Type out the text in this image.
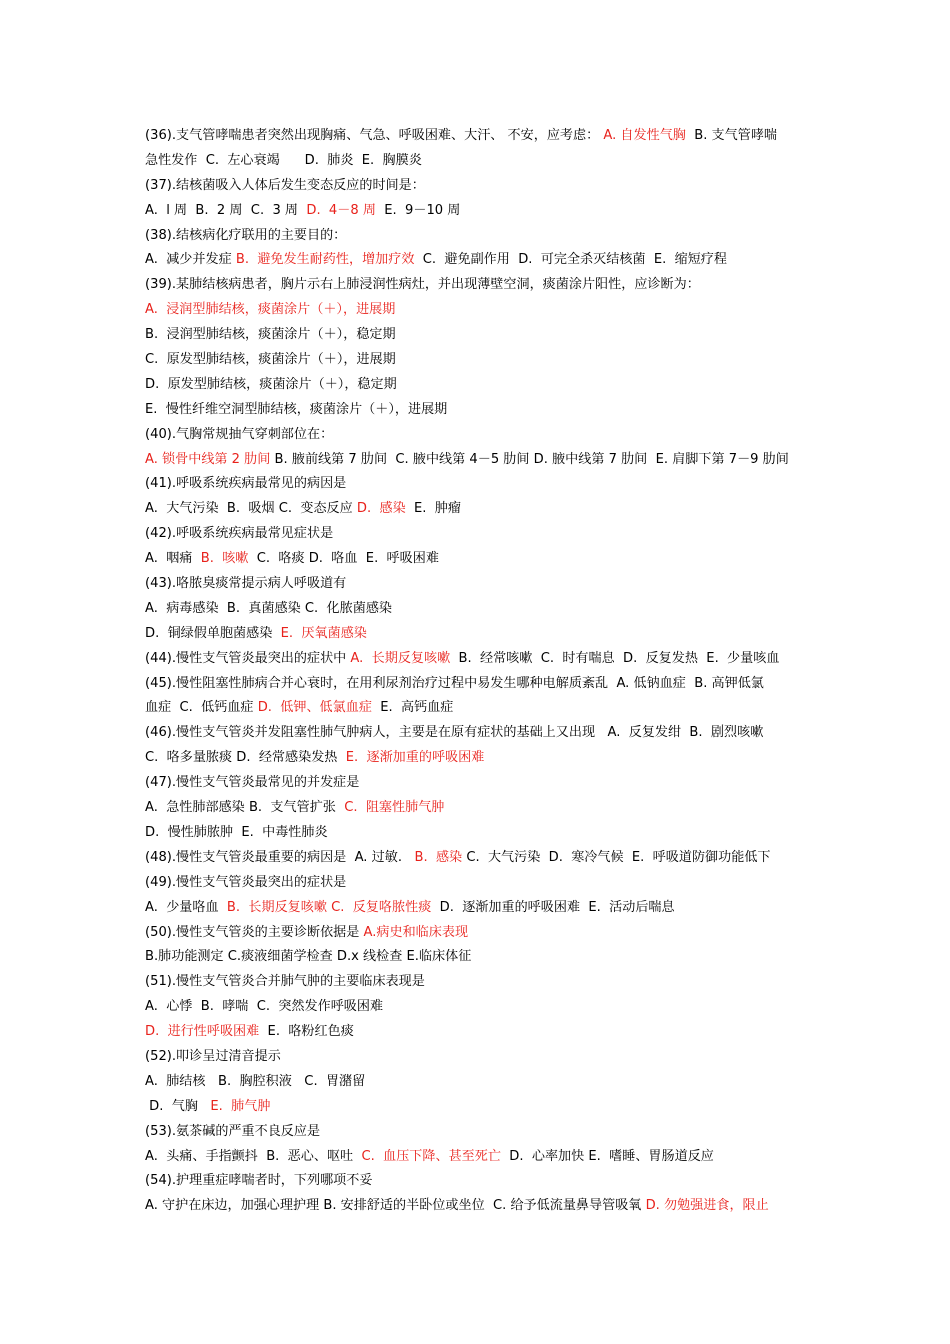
(36).支气管哮喘患者突然出现胸痛、气急、呼吸困难、大汗、 不安，应考虑： A. 自发性气胸  B. 支气管哮喘
急性发作  C.  左心衰竭      D.  肺炎  E.  胸膜炎
(37).结核菌吸入人体后发生变态反应的时间是：
A.  l 周  B.  2 周  C.  3 周  D.  4－8 周  E.  9－10 周
(38).结核病化疗联用的主要目的：
A.  减少并发症 B.  避免发生耐药性，增加疗效  C.  避免副作用  D.  可完全杀灭结核菌  E.  缩短疗程
(39).某肺结核病患者，胸片示右上肺浸润性病灶，并出现薄壁空洞，痰菌涂片阳性，应诊断为：
A.  浸润型肺结核，痰菌涂片（＋），进展期
B.  浸润型肺结核，痰菌涂片（＋），稳定期
C.  原发型肺结核，痰菌涂片（＋），进展期
D.  原发型肺结核，痰菌涂片（＋），稳定期
E.  慢性纤维空洞型肺结核，痰菌涂片（＋），进展期
(40).气胸常规抽气穿刺部位在：
A. 锁骨中线第 2 肋间 B. 腋前线第 7 肋间  C. 腋中线第 4－5 肋间 D. 腋中线第 7 肋间  E. 肩脚下第 7－9 肋间
(41).呼吸系统疾病最常见的病因是
A.  大气污染  B.  吸烟 C.  变态反应 D.  感染  E.  肿瘤
(42).呼吸系统疾病最常见症状是
A.  咽痛  B.  咳嗽  C.  咯痰 D.  咯血  E.  呼吸困难
(43).咯脓臭痰常提示病人呼吸道有
A.  病毒感染  B.  真菌感染 C.  化脓菌感染
D.  铜绿假单胞菌感染  E.  厌氧菌感染
(44).慢性支气管炎最突出的症状中 A.  长期反复咳嗽  B.  经常咳嗽  C.  时有喘息  D.  反复发热  E.  少量咳血
(45).慢性阻塞性肺病合并心衰时，在用利尿剂治疗过程中易发生哪种电解质紊乱  A. 低钠血症  B. 高钾低氯
血症  C.  低钙血症 D.  低钾、低氯血症  E.  高钙血症
(46).慢性支气管炎并发阻塞性肺气肿病人，主要是在原有症状的基础上又出现   A.  反复发绀  B.  剧烈咳嗽
C.  咯多量脓痰 D.  经常感染发热  E.  逐渐加重的呼吸困难
(47).慢性支气管炎最常见的并发症是
A.  急性肺部感染 B.  支气管扩张  C.  阻塞性肺气肿
D.  慢性肺脓肿  E.  中毒性肺炎
(48).慢性支气管炎最重要的病因是  A. 过敏.   B.  感染 C.  大气污染  D.  寒冷气候  E.  呼吸道防御功能低下
(49).慢性支气管炎最突出的症状是
A.  少量咯血  B.  长期反复咳嗽 C.  反复咯脓性痰  D.  逐渐加重的呼吸困难  E.  活动后喘息
(50).慢性支气管炎的主要诊断依据是 A.病史和临床表现
B.肺功能测定 C.痰液细菌学检查 D.x 线检查 E.临床体征
(51).慢性支气管炎合并肺气肿的主要临床表现是
A.  心悸  B.  哮喘  C.  突然发作呼吸困难
D.  进行性呼吸困难  E.  咯粉红色痰
(52).叩诊呈过清音提示
A.  肺结核   B.  胸腔积液   C.  胃潴留
D.  气胸   E.  肺气肿
(53).氨茶碱的严重不良反应是
A.  头痛、手指颤抖  B.  恶心、呕吐  C.  血压下降、甚至死亡  D.  心率加快 E.  嗜睡、胃肠道反应
(54).护理重症哮喘者时，下列哪项不妥
A. 守护在床边，加强心理护理 B. 安排舒适的半卧位或坐位  C. 给予低流量鼻导管吸氧 D. 勿勉强进食，限止
